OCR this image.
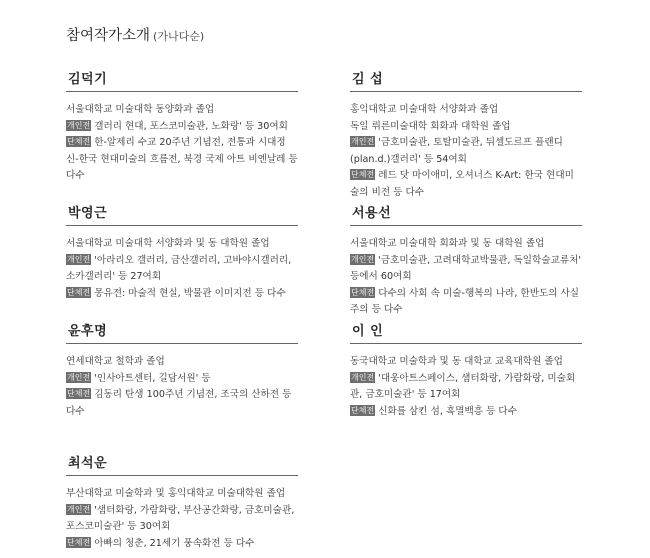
참여작가소개 (가나다순)
김덕기
서울대학교 미술대학 동양화과 졸업
개인전 갤러리 현대, 포스코미술관, 노화랑' 등 30여회
단체전 한-알제리 수교 20주년 기념전, 전통과 시대정신-한국 현대미술의 흐름전, 북경 국제 아트 비엔날레 등 다수
김 섭
홍익대학교 미술대학 서양화과 졸업
독일 뤼른미술대학 회화과 대학원 졸업
개인전 '금호미술관, 토탈미술관, 뒤셀도르프 플랜디(plan.d.)갤러리' 등 54여회
단체전 레드 닷 마이애미, 오셔너스 K-Art: 한국 현대미술의 비전 등 다수
박영근
서울대학교 미술대학 서양화과 및 동 대학원 졸업
개인전 '아라리오 갤러리, 금산갤러리, 고바야시갤러리, 소카갤러리' 등 27여회
단체전 몽유전: 마술적 현실, 박물관 이미지전 등 다수
서용선
서울대학교 미술대학 회화과 및 동 대학원 졸업
개인전 '금호미술관, 고려대학교박물관, 독일학술교류처' 등에서 60여회
단체전 다수의 사회 속 미술-행복의 나라, 한반도의 사실주의 등 다수
윤후명
연세대학교 철학과 졸업
개인전 '인사아트센터, 길담서원' 등
단체전 김동리 탄생 100주년 기념전, 조국의 산하전 등 다수
이 인
동국대학교 미술학과 및 동 대학교 교육대학원 졸업
개인전 '대웅아트스페이스, 샘터화랑, 가람화랑, 미술회관, 금호미술관' 등 17여회
단체전 신화를 삼킨 섬, 흑멸백흥 등 다수
최석운
부산대학교 미술학과 및 홍익대학교 미술대학원 졸업
개인전 '샘터화랑, 가람화랑, 부산공간화랑, 금호미술관, 포스코미술관' 등 30여회
단체전 아빠의 청춘, 21세기 풍속화전 등 다수
